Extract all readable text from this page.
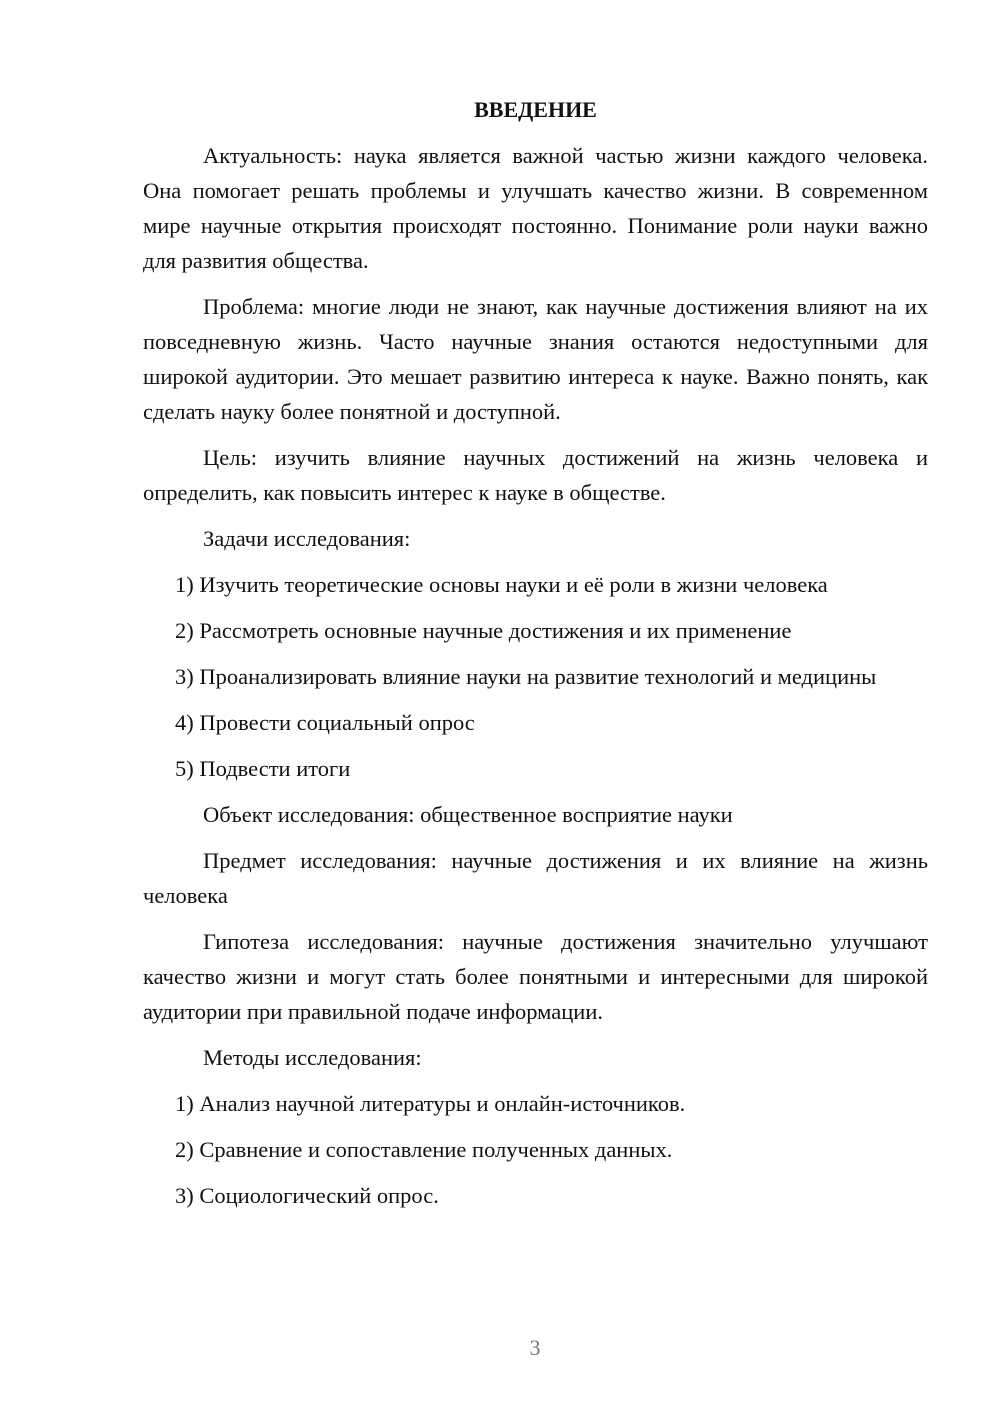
ВВЕДЕНИЕ

Актуальность: наука является важной частью жизни каждого человека. Она помогает решать проблемы и улучшать качество жизни. В современном мире научные открытия происходят постоянно. Понимание роли науки важно для развития общества.

Проблема: многие люди не знают, как научные достижения влияют на их повседневную жизнь. Часто научные знания остаются недоступными для широкой аудитории. Это мешает развитию интереса к науке. Важно понять, как сделать науку более понятной и доступной.

Цель: изучить влияние научных достижений на жизнь человека и определить, как повысить интерес к науке в обществе.

Задачи исследования:

1) Изучить теоретические основы науки и её роли в жизни человека

2) Рассмотреть основные научные достижения и их применение

3) Проанализировать влияние науки на развитие технологий и медицины

4) Провести социальный опрос

5) Подвести итоги

Объект исследования: общественное восприятие науки

Предмет исследования: научные достижения и их влияние на жизнь человека

Гипотеза исследования: научные достижения значительно улучшают качество жизни и могут стать более понятными и интересными для широкой аудитории при правильной подаче информации.

Методы исследования:

1) Анализ научной литературы и онлайн-источников.

2) Сравнение и сопоставление полученных данных.

3) Социологический опрос.

3
